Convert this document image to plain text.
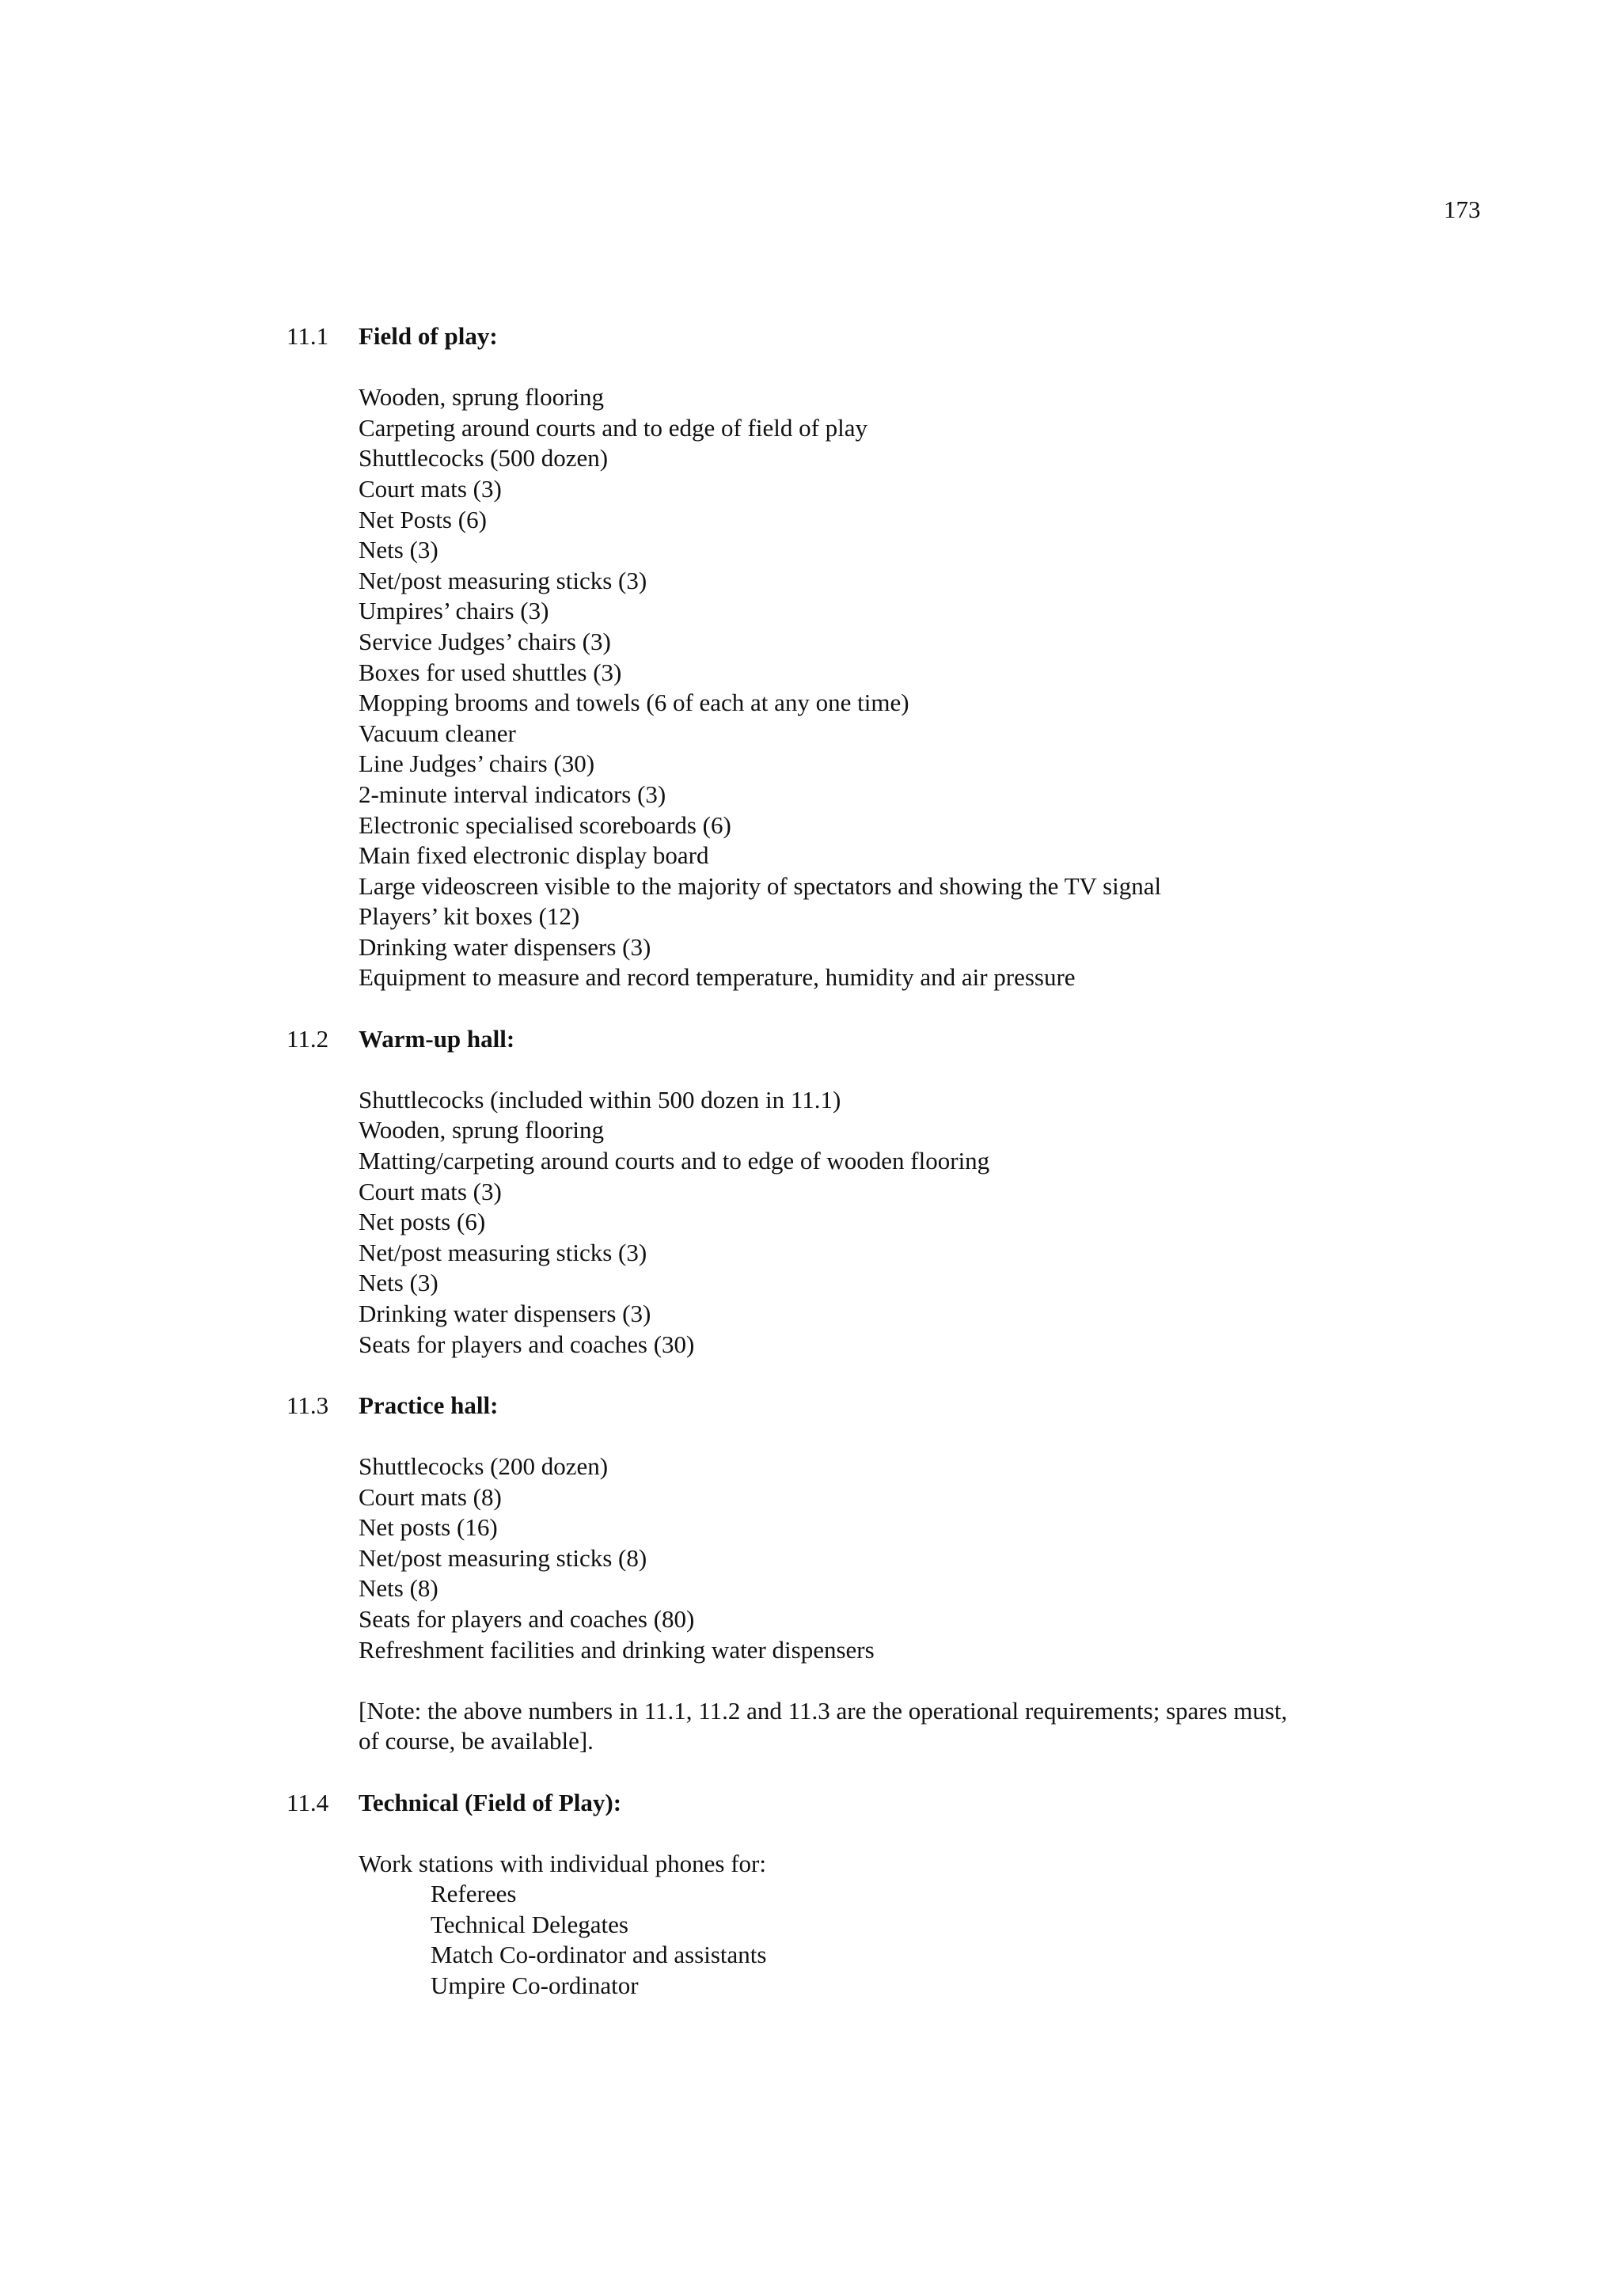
173
11.1	Field of play:
Wooden, sprung flooring
Carpeting around courts and to edge of field of play
Shuttlecocks (500 dozen)
Court mats (3)
Net Posts (6)
Nets (3)
Net/post measuring sticks (3)
Umpires’ chairs (3)
Service Judges’ chairs (3)
Boxes for used shuttles (3)
Mopping brooms and towels (6 of each at any one time)
Vacuum cleaner
Line Judges’ chairs (30)
2-minute interval indicators (3)
Electronic specialised scoreboards (6)
Main fixed electronic display board
Large videoscreen visible to the majority of spectators and showing the TV signal
Players’ kit boxes (12)
Drinking water dispensers (3)
Equipment to measure and record temperature, humidity and air pressure
11.2	Warm-up hall:
Shuttlecocks (included within 500 dozen in 11.1)
Wooden, sprung flooring
Matting/carpeting around courts and to edge of wooden flooring
Court mats (3)
Net posts (6)
Net/post measuring sticks (3)
Nets (3)
Drinking water dispensers (3)
Seats for players and coaches (30)
11.3	Practice hall:
Shuttlecocks (200 dozen)
Court mats (8)
Net posts (16)
Net/post measuring sticks (8)
Nets (8)
Seats for players and coaches (80)
Refreshment facilities and drinking water dispensers
[Note: the above numbers in 11.1, 11.2 and 11.3 are the operational requirements; spares must,
of course, be available].
11.4	Technical (Field of Play):
Work stations with individual phones for:
Referees
Technical Delegates
Match Co-ordinator and assistants
Umpire Co-ordinator
